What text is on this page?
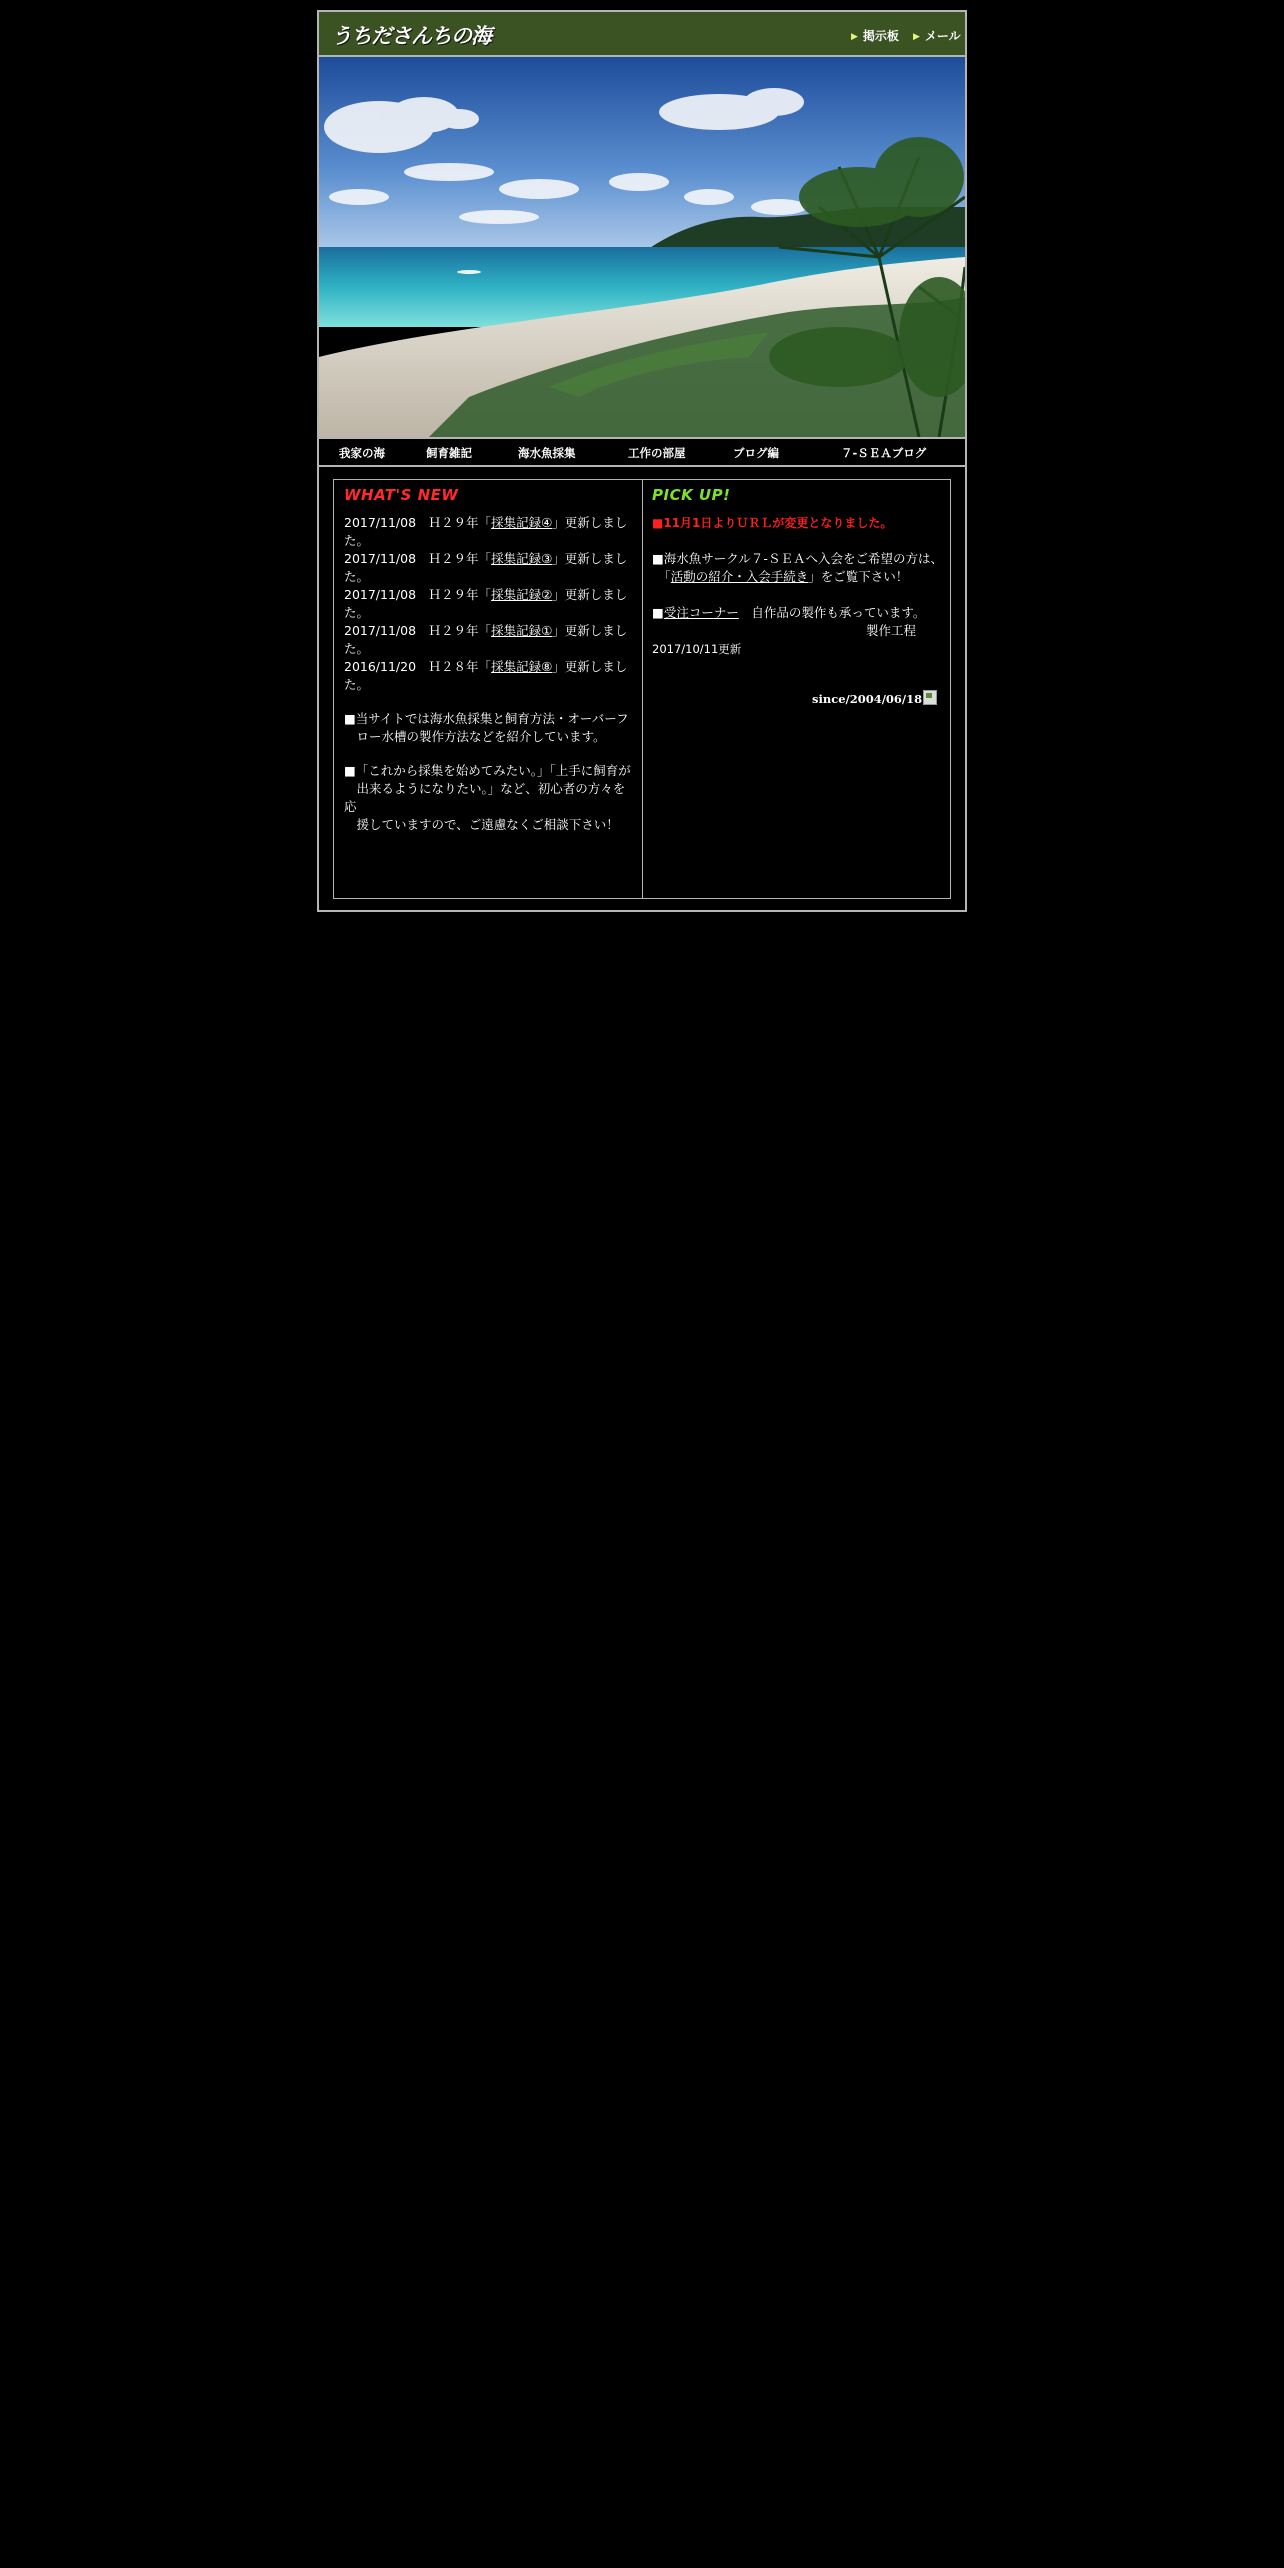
うちださんちの海	▶ 掲示板 ▶ メール
我家の海	飼育雑記	海水魚採集	工作の部屋	ブログ編	７-ＳＥＡブログ
WHAT'S NEW
2017/11/08　Ｈ２９年「採集記録④」更新しました。
2017/11/08　Ｈ２９年「採集記録③」更新しました。
2017/11/08　Ｈ２９年「採集記録②」更新しました。
2017/11/08　Ｈ２９年「採集記録①」更新しました。
2016/11/20　Ｈ２８年「採集記録⑧」更新しました。
■当サイトでは海水魚採集と飼育方法・オーバーフ
　ロー水槽の製作方法などを紹介しています。
■「これから採集を始めてみたい。」「上手に飼育が
　出来るようになりたい。」など、初心者の方々を応
　援していますので、ご遠慮なくご相談下さい！
PICK UP!
■11月1日よりＵＲＬが変更となりました。
■海水魚サークル７-ＳＥＡへ入会をご希望の方は、
　「活動の紹介・入会手続き」をご覧下さい！
■受注コーナー　自作品の製作も承っています。
製作工程
2017/10/11更新
since/2004/06/18
